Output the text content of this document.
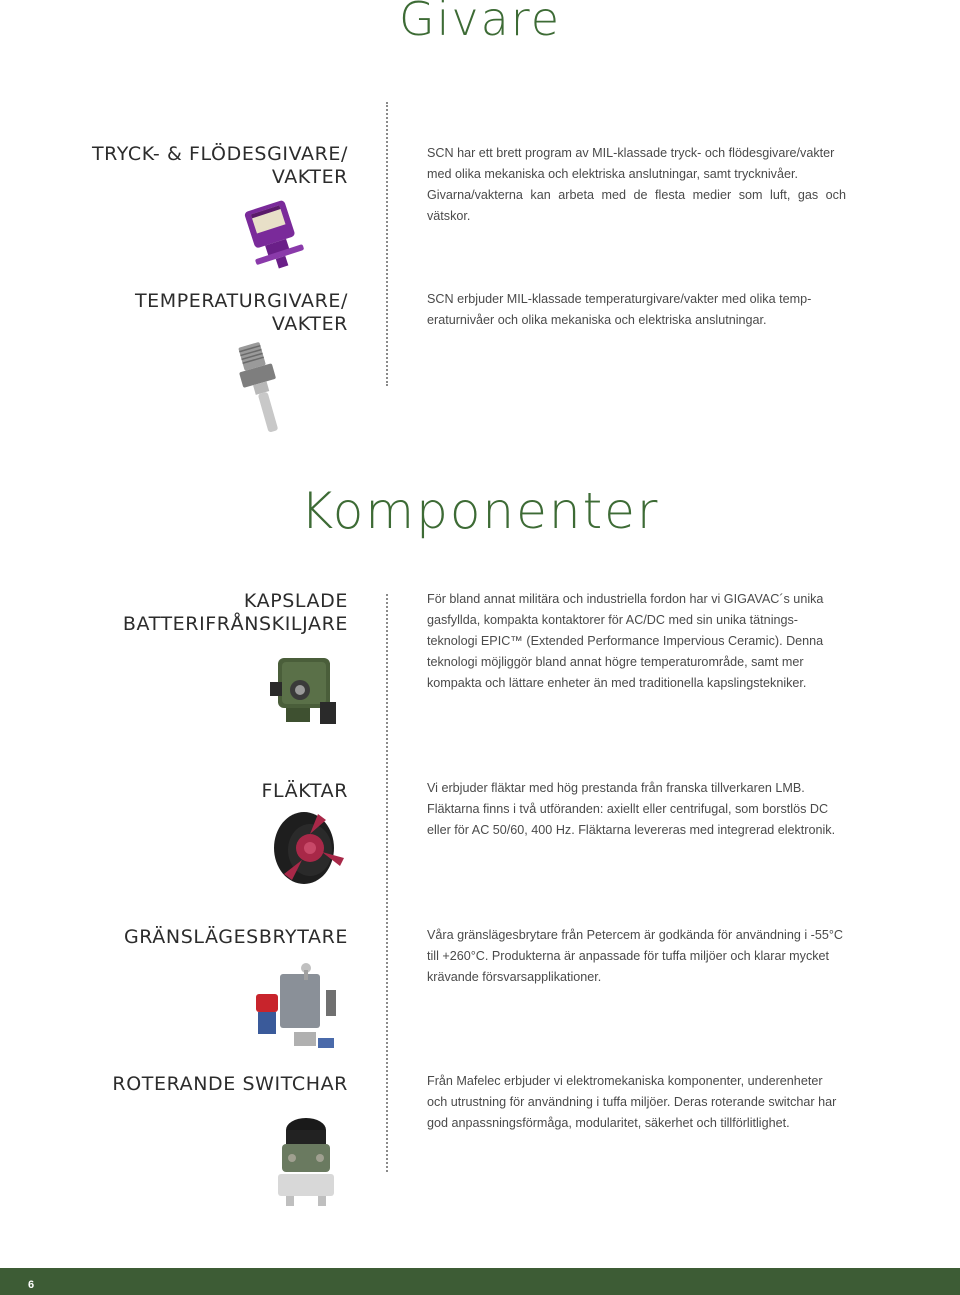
Givare
TRYCK- & FLÖDESGIVARE/
VAKTER
SCN har ett brett program av MIL-klassade tryck- och flödesgivare/vakter
med olika mekaniska och elektriska anslutningar, samt trycknivåer.
Givarna/vakterna kan arbeta med de flesta medier som luft, gas och vätskor.
TEMPERATURGIVARE/
VAKTER
SCN erbjuder MIL-klassade temperaturgivare/vakter med olika temp-
eraturnivåer och olika mekaniska och elektriska anslutningar.
Komponenter
KAPSLADE
BATTERIFRÅNSKILJARE
För bland annat militära och industriella fordon har vi GIGAVAC´s unika
gasfyllda, kompakta kontaktorer för AC/DC med sin unika tätnings-
teknologi EPIC™ (Extended Performance Impervious Ceramic). Denna
teknologi möjliggör bland annat högre temperaturområde, samt mer
kompakta och lättare enheter än med traditionella kapslingstekniker.
FLÄKTAR	Vi erbjuder fläktar med hög prestanda från franska tillverkaren LMB.
Fläktarna finns i två utföranden: axiellt eller centrifugal, som borstlös DC
eller för AC 50/60, 400 Hz. Fläktarna levereras med integrerad elektronik.
GRÄNSLÄGESBRYTARE	Våra gränslägesbrytare från Petercem är godkända för användning i -55°C
till +260°C. Produkterna är anpassade för tuffa miljöer och klarar mycket
krävande försvarsapplikationer.
ROTERANDE SWITCHAR	Från Mafelec erbjuder vi elektromekaniska komponenter, underenheter
och utrustning för användning i tuffa miljöer. Deras roterande switchar har
god anpassningsförmåga, modularitet, säkerhet och tillförlitlighet.
6
